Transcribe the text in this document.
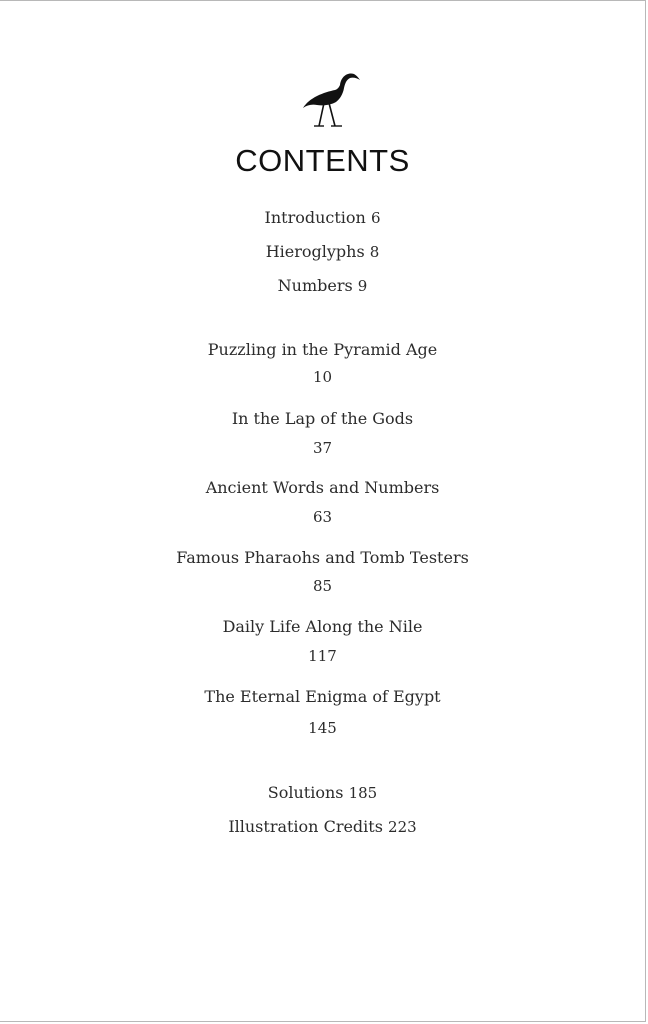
CONTENTS
Introduction 6
Hieroglyphs 8
Numbers 9
Puzzling in the Pyramid Age
10
In the Lap of the Gods
37
Ancient Words and Numbers
63
Famous Pharaohs and Tomb Testers
85
Daily Life Along the Nile
117
The Eternal Enigma of Egypt
145
Solutions 185
Illustration Credits 223
